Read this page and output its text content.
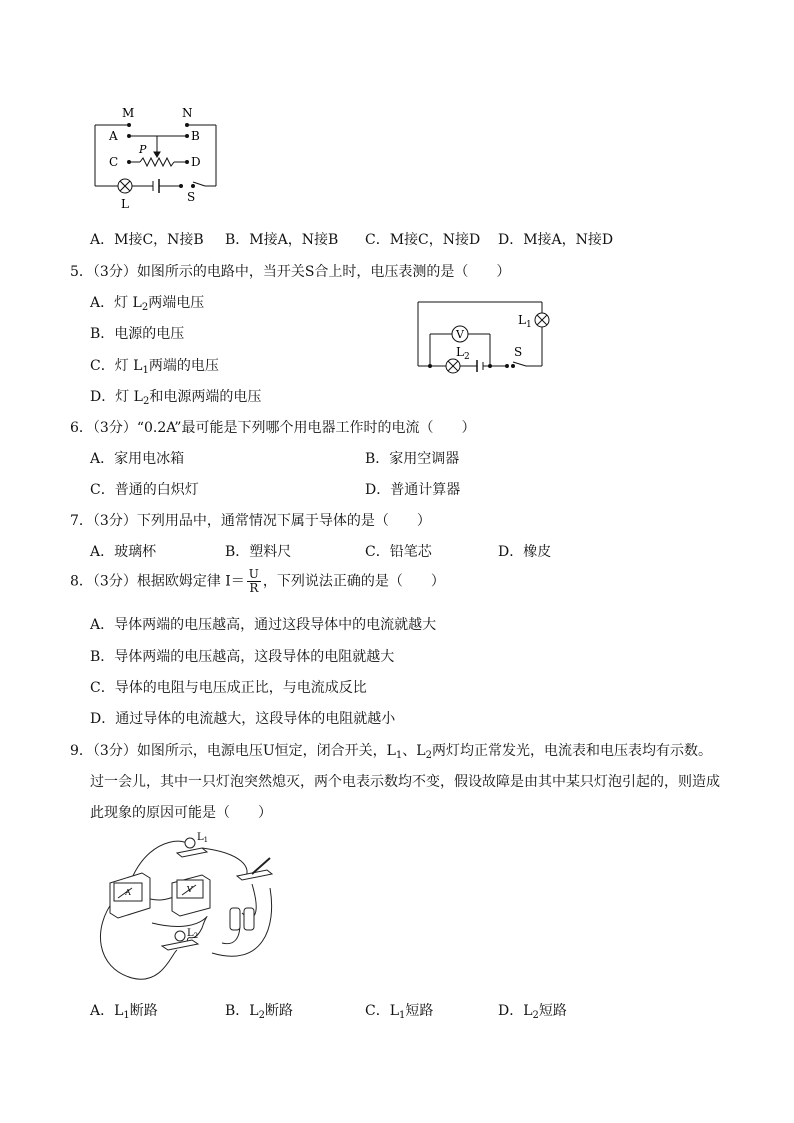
M	N
A	B
C	D
P
L	S
A．M接C，N接B B．M接A，N接B C．M接C，N接D D．M接A，N接D
5．（3分）如图所示的电路中，当开关S合上时，电压表测的是（　　）
A．灯 $L_2$两端电压
B．电源的电压
C．灯 $L_1$两端的电压
D．灯 $L_2$和电源两端的电压
V
$L_1$
$L_2$	S
6．（3分）“0.2A”最可能是下列哪个用电器工作时的电流（　　）
A．家用电冰箱	B．家用空调器
C．普通的白炽灯	D．普通计算器
7．（3分）下列用品中，通常情况下属于导体的是（　　）
A．玻璃杯	B．塑料尺	C．铅笔芯	D．橡皮
8．（3分）根据欧姆定律 $I= \frac{U}{R}$ ，下列说法正确的是（　　）
A．导体两端的电压越高，通过这段导体中的电流就越大
B．导体两端的电压越高，这段导体的电阻就越大
C．导体的电阻与电压成正比，与电流成反比
D．通过导体的电流越大，这段导体的电阻就越小
9．（3分）如图所示，电源电压U恒定，闭合开关，$L_1$、$L_2$两灯均正常发光，电流表和电压表均有示数。
过一会儿，其中一只灯泡突然熄灭，两个电表示数均不变，假设故障是由其中某只灯泡引起的，则造成
此现象的原因可能是（　　）
A	V
$L_1$
$L_2$
A．$L_1$断路	B．$L_2$断路	C．$L_1$短路	D．$L_2$短路
